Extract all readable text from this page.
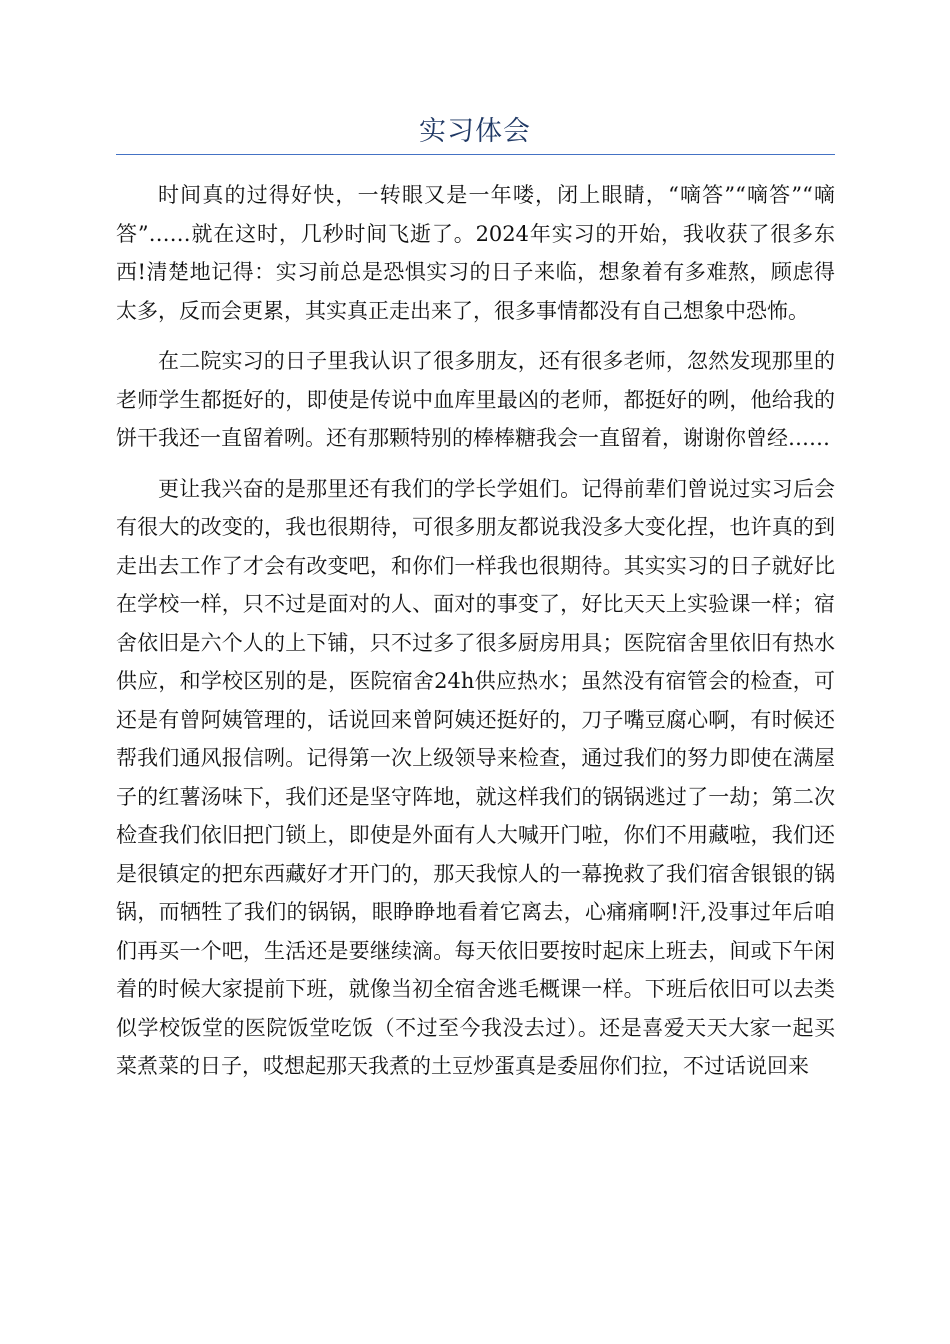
实习体会

时间真的过得好快，一转眼又是一年喽，闭上眼睛，“嘀答”“嘀答”“嘀答”……就在这时，几秒时间飞逝了。2024年实习的开始，我收获了很多东西!清楚地记得：实习前总是恐惧实习的日子来临，想象着有多难熬，顾虑得太多，反而会更累，其实真正走出来了，很多事情都没有自己想象中恐怖。

在二院实习的日子里我认识了很多朋友，还有很多老师，忽然发现那里的老师学生都挺好的，即使是传说中血库里最凶的老师，都挺好的咧，他给我的饼干我还一直留着咧。还有那颗特别的棒棒糖我会一直留着，谢谢你曾经……

更让我兴奋的是那里还有我们的学长学姐们。记得前辈们曾说过实习后会有很大的改变的，我也很期待，可很多朋友都说我没多大变化捏，也许真的到走出去工作了才会有改变吧，和你们一样我也很期待。其实实习的日子就好比在学校一样，只不过是面对的人、面对的事变了，好比天天上实验课一样；宿舍依旧是六个人的上下铺，只不过多了很多厨房用具；医院宿舍里依旧有热水供应，和学校区别的是，医院宿舍24h供应热水；虽然没有宿管会的检查，可还是有曾阿姨管理的，话说回来曾阿姨还挺好的，刀子嘴豆腐心啊，有时候还帮我们通风报信咧。记得第一次上级领导来检查，通过我们的努力即使在满屋子的红薯汤味下，我们还是坚守阵地，就这样我们的锅锅逃过了一劫；第二次检查我们依旧把门锁上，即使是外面有人大喊开门啦，你们不用藏啦，我们还是很镇定的把东西藏好才开门的，那天我惊人的一幕挽救了我们宿舍银银的锅锅，而牺牲了我们的锅锅，眼睁睁地看着它离去，心痛痛啊!汗,没事过年后咱们再买一个吧，生活还是要继续滴。每天依旧要按时起床上班去，间或下午闲着的时候大家提前下班，就像当初全宿舍逃毛概课一样。下班后依旧可以去类似学校饭堂的医院饭堂吃饭（不过至今我没去过）。还是喜爱天天大家一起买菜煮菜的日子，哎想起那天我煮的土豆炒蛋真是委屈你们拉，不过话说回来
